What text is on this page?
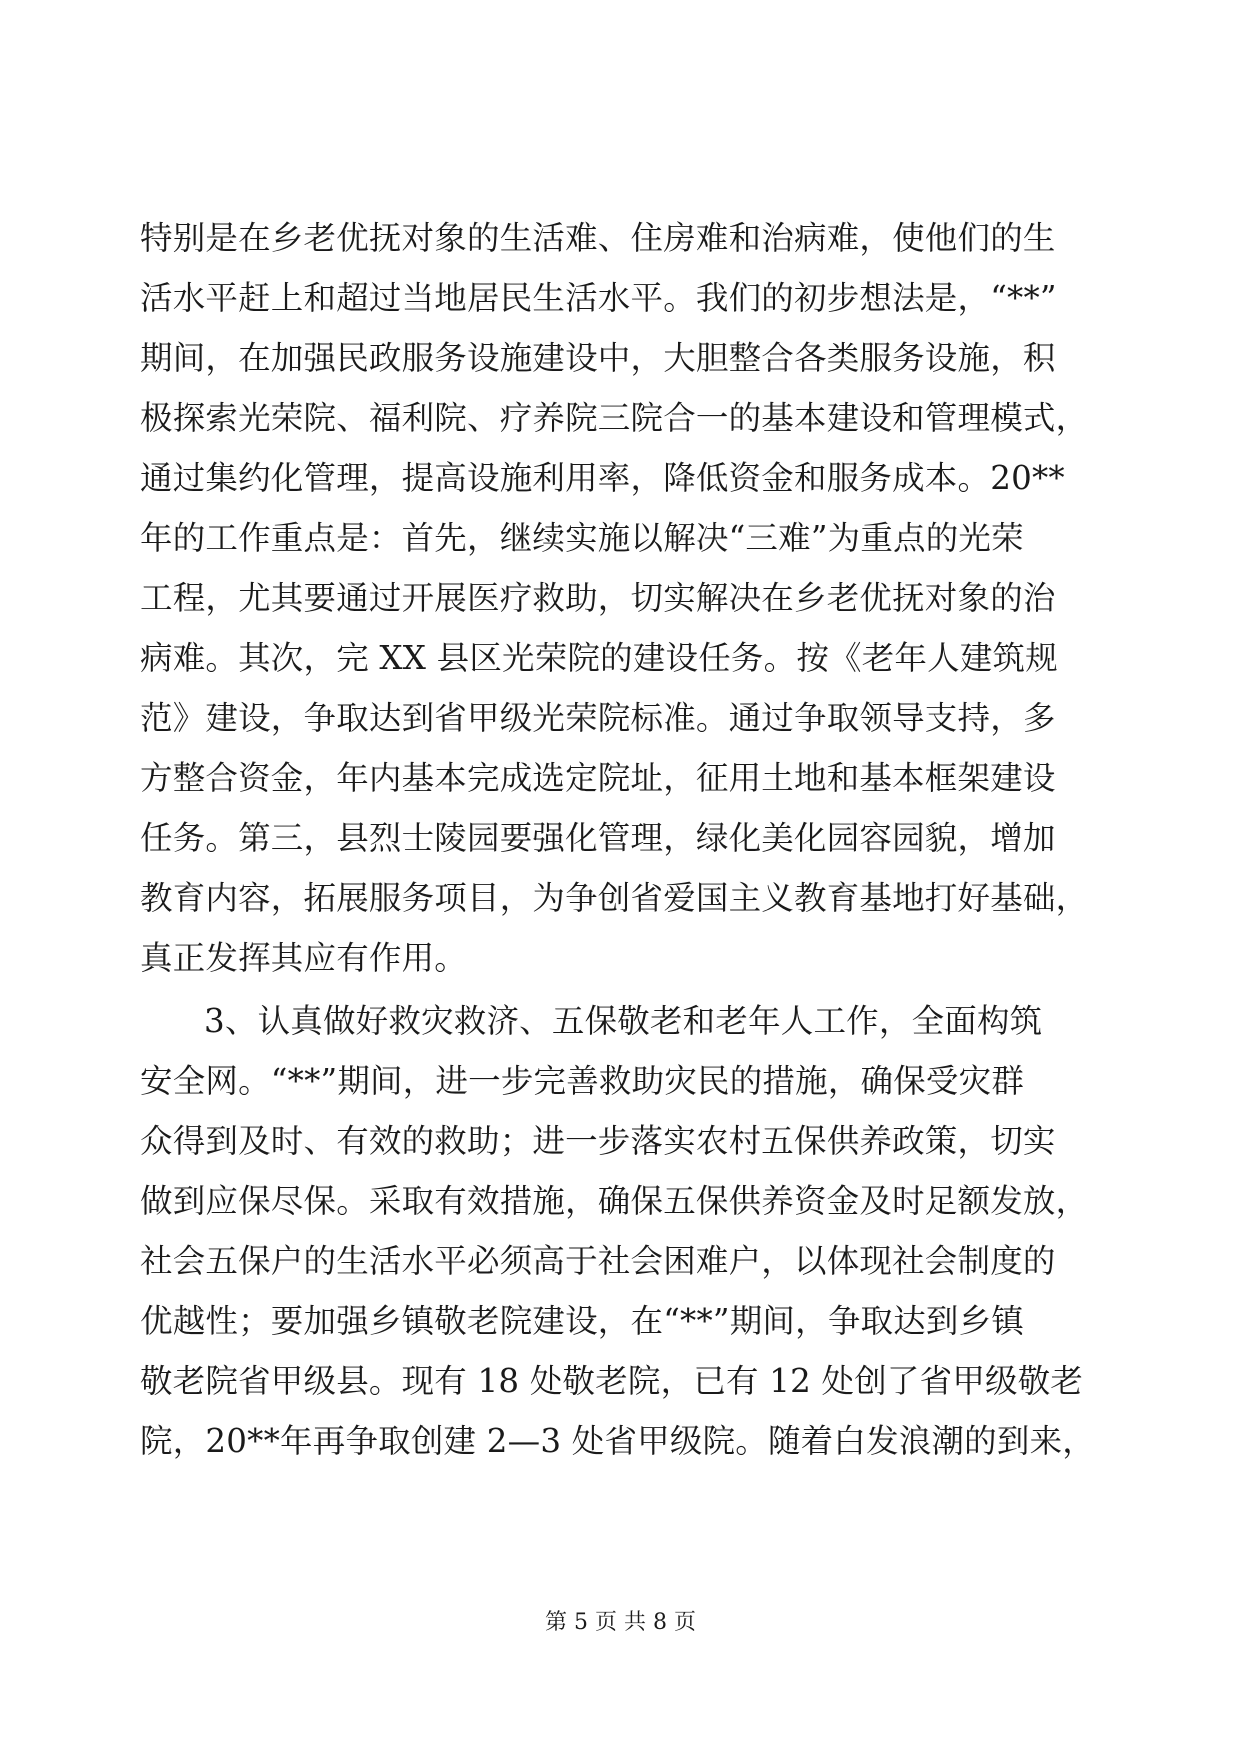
特别是在乡老优抚对象的生活难、住房难和治病难，使他们的生
活水平赶上和超过当地居民生活水平。我们的初步想法是，“**”
期间，在加强民政服务设施建设中，大胆整合各类服务设施，积
极探索光荣院、福利院、疗养院三院合一的基本建设和管理模式，
通过集约化管理，提高设施利用率，降低资金和服务成本。20**
年的工作重点是：首先，继续实施以解决“三难”为重点的光荣
工程，尤其要通过开展医疗救助，切实解决在乡老优抚对象的治
病难。其次，完 XX 县区光荣院的建设任务。按《老年人建筑规
范》建设，争取达到省甲级光荣院标准。通过争取领导支持，多
方整合资金，年内基本完成选定院址，征用土地和基本框架建设
任务。第三，县烈士陵园要强化管理，绿化美化园容园貌，增加
教育内容，拓展服务项目，为争创省爱国主义教育基地打好基础，
真正发挥其应有作用。
3、认真做好救灾救济、五保敬老和老年人工作，全面构筑
安全网。“**”期间，进一步完善救助灾民的措施，确保受灾群
众得到及时、有效的救助；进一步落实农村五保供养政策，切实
做到应保尽保。采取有效措施，确保五保供养资金及时足额发放，
社会五保户的生活水平必须高于社会困难户，以体现社会制度的
优越性；要加强乡镇敬老院建设，在“**”期间，争取达到乡镇
敬老院省甲级县。现有 18 处敬老院，已有 12 处创了省甲级敬老
院，20**年再争取创建 2—3 处省甲级院。随着白发浪潮的到来，
第 5 页 共 8 页
